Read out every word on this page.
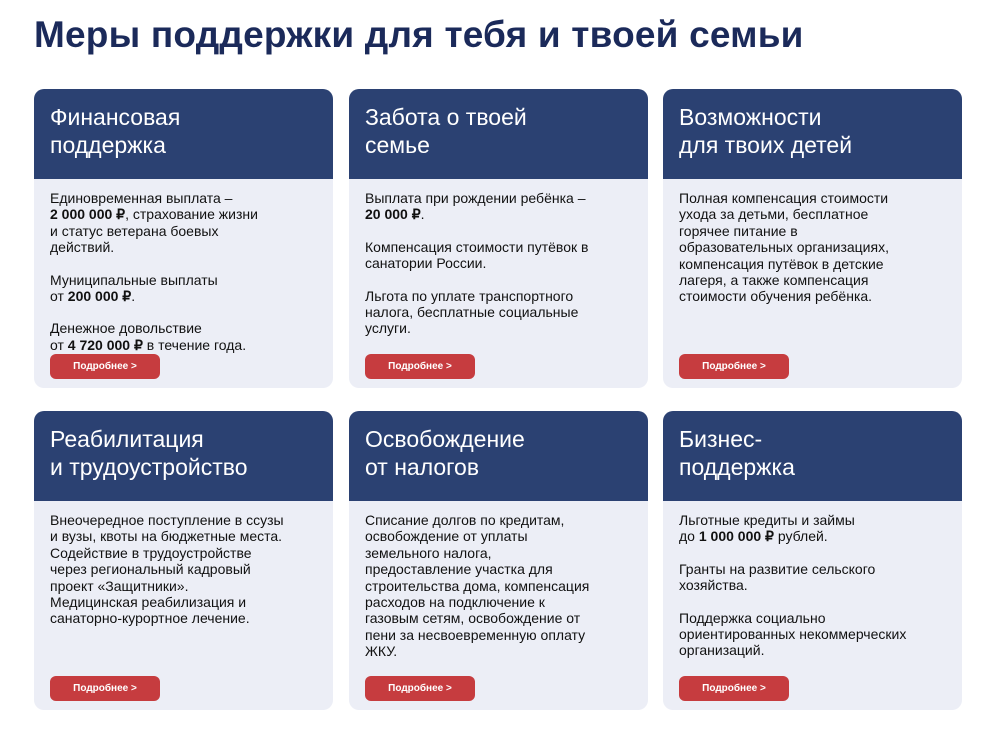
Меры поддержки для тебя и твоей семьи
Финансовая
поддержка

Единовременная выплата –
2 000 000 ₽, страхование жизни
и статус ветерана боевых
действий.

Муниципальные выплаты
от 200 000 ₽.

Денежное довольствие
от 4 720 000 ₽ в течение года.

Подробнее >
Забота о твоей
семье

Выплата при рождении ребёнка –
20 000 ₽.

Компенсация стоимости путёвок в
санатории России.

Льгота по уплате транспортного
налога, бесплатные социальные
услуги.

Подробнее >
Возможности
для твоих детей

Полная компенсация стоимости
ухода за детьми, бесплатное
горячее питание в
образовательных организациях,
компенсация путёвок в детские
лагеря, а также компенсация
стоимости обучения ребёнка.

Подробнее >
Реабилитация
и трудоустройство

Внеочередное поступление в ссузы
и вузы, квоты на бюджетные места.
Содействие в трудоустройстве
через региональный кадровый
проект «Защитники».
Медицинская реабилизация и
санаторно-курортное лечение.

Подробнее >
Освобождение
от налогов

Списание долгов по кредитам,
освобождение от уплаты
земельного налога,
предоставление участка для
строительства дома, компенсация
расходов на подключение к
газовым сетям, освобождение от
пени за несвоевременную оплату
ЖКУ.

Подробнее >
Бизнес-
поддержка

Льготные кредиты и займы
до 1 000 000 ₽ рублей.

Гранты на развитие сельского
хозяйства.

Поддержка социально
ориентированных некоммерческих
организаций.

Подробнее >
